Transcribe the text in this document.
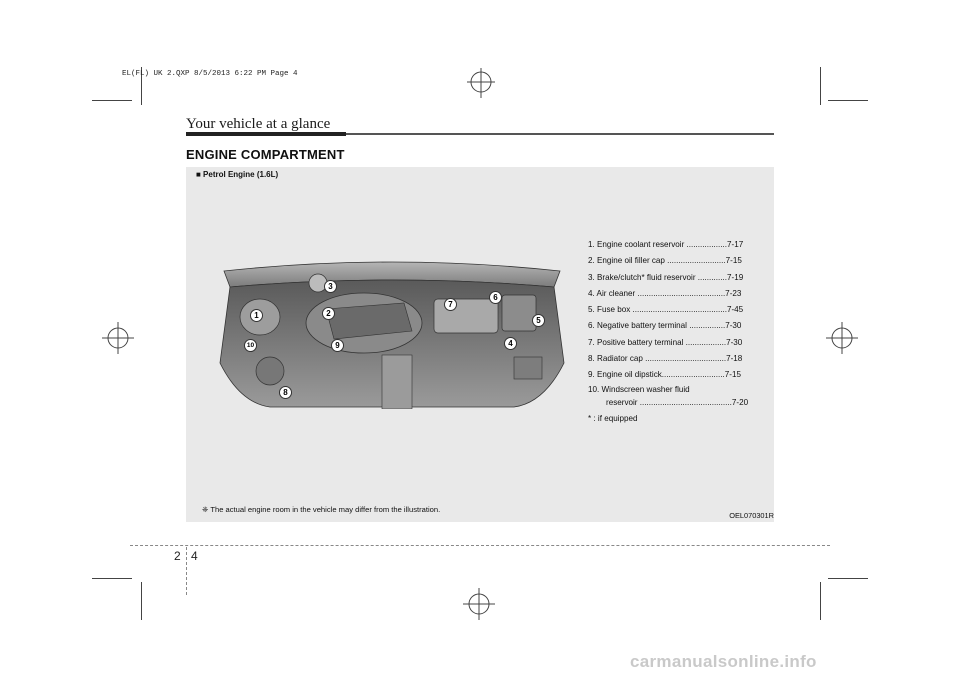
EL(FL) UK 2.QXP 8/5/2013 6:22 PM Page 4
Your vehicle at a glance
ENGINE COMPARTMENT
■ Petrol Engine (1.6L)
1	2
3
4
5
6
7
8
9
10
1. Engine coolant reservoir ..................7-17
2. Engine oil filler cap ..........................7-15
3. Brake/clutch* fluid reservoir .............7-19
4. Air cleaner .......................................7-23
5. Fuse box ..........................................7-45
6. Negative battery terminal ................7-30
7. Positive battery terminal ..................7-30
8. Radiator cap ....................................7-18
9. Engine oil dipstick............................7-15
10. Windscreen washer fluid
reservoir .........................................7-20
* : if equipped
❈ The actual engine room in the vehicle may differ from the illustration.
OEL070301R
2 4
carmanualsonline.info
